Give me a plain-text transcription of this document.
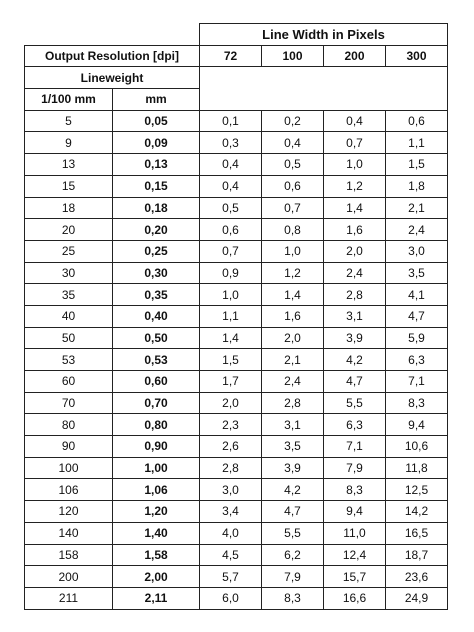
		Line Width in Pixels			
Output Resolution [dpi]		72	100	200	300
Lineweight					
1/100 mm	mm				
5	0,05	0,1	0,2	0,4	0,6
9	0,09	0,3	0,4	0,7	1,1
13	0,13	0,4	0,5	1,0	1,5
15	0,15	0,4	0,6	1,2	1,8
18	0,18	0,5	0,7	1,4	2,1
20	0,20	0,6	0,8	1,6	2,4
25	0,25	0,7	1,0	2,0	3,0
30	0,30	0,9	1,2	2,4	3,5
35	0,35	1,0	1,4	2,8	4,1
40	0,40	1,1	1,6	3,1	4,7
50	0,50	1,4	2,0	3,9	5,9
53	0,53	1,5	2,1	4,2	6,3
60	0,60	1,7	2,4	4,7	7,1
70	0,70	2,0	2,8	5,5	8,3
80	0,80	2,3	3,1	6,3	9,4
90	0,90	2,6	3,5	7,1	10,6
100	1,00	2,8	3,9	7,9	11,8
106	1,06	3,0	4,2	8,3	12,5
120	1,20	3,4	4,7	9,4	14,2
140	1,40	4,0	5,5	11,0	16,5
158	1,58	4,5	6,2	12,4	18,7
200	2,00	5,7	7,9	15,7	23,6
211	2,11	6,0	8,3	16,6	24,9
